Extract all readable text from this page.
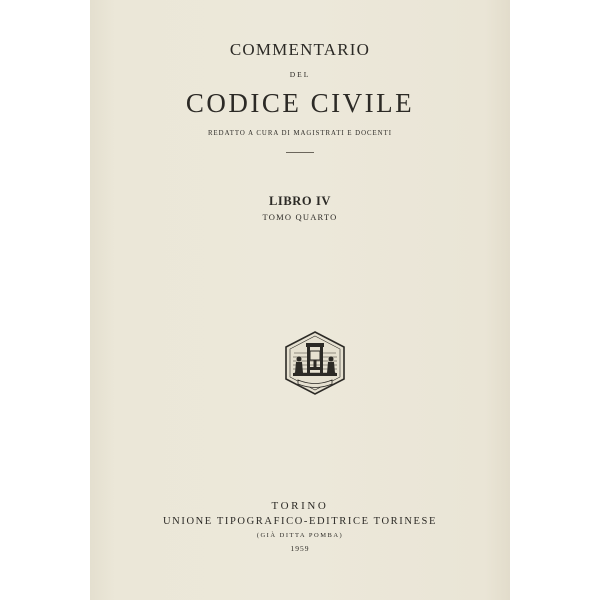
COMMENTARIO

DEL

CODICE CIVILE

REDATTO A CURA DI MAGISTRATI E DOCENTI

LIBRO IV

TOMO QUARTO

TORINO

UNIONE TIPOGRAFICO-EDITRICE TORINESE

(GIÀ DITTA POMBA)

1959
